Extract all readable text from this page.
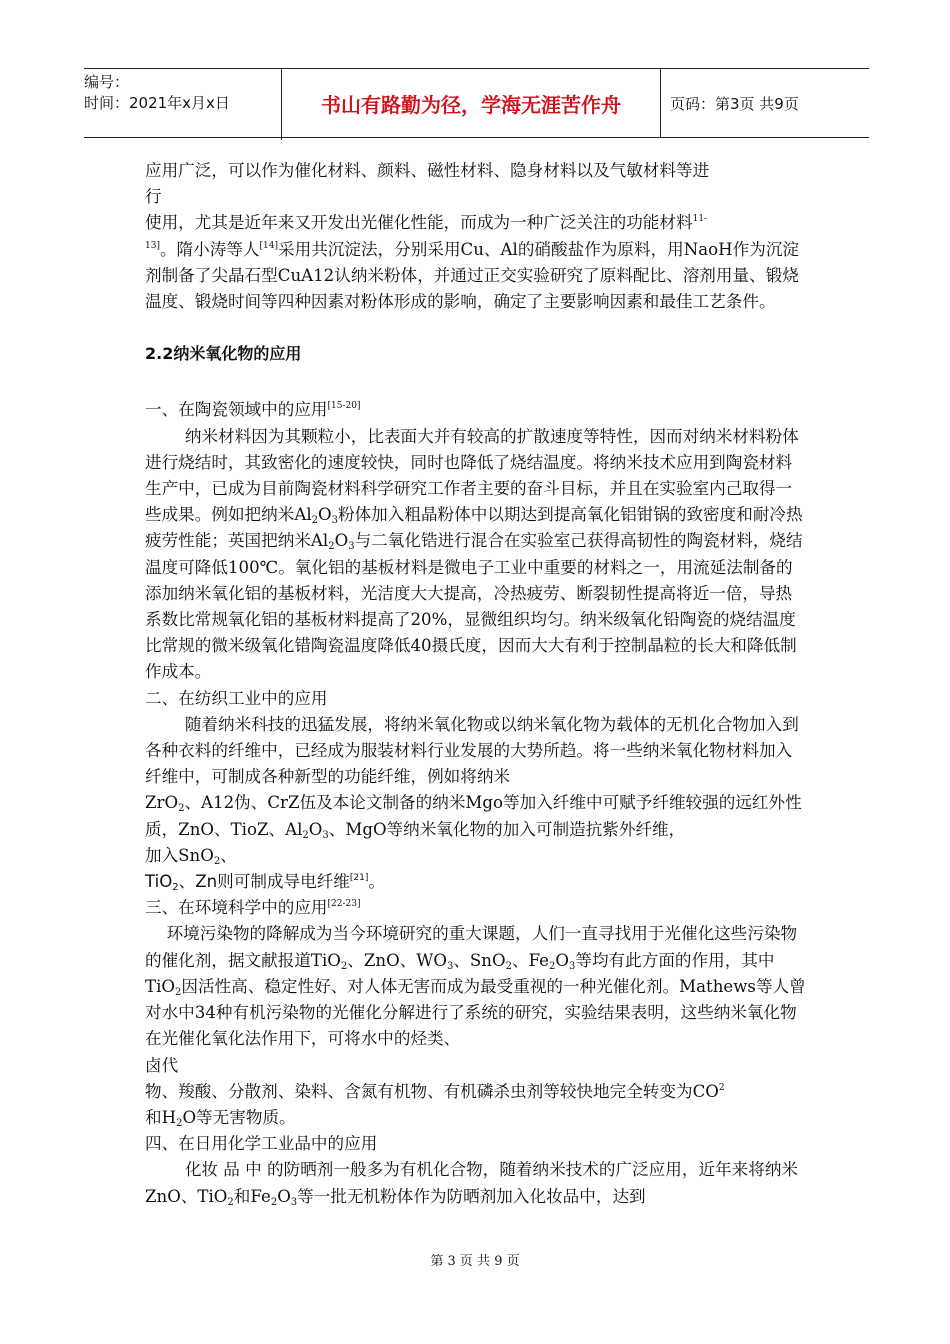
编号：
时间：2021年x月x日	书山有路勤为径，学海无涯苦作舟	页码：第3页 共9页

应用广泛，可以作为催化材料、颜料、磁性材料、隐身材料以及气敏材料等进
行

使用，尤其是近年来又开发出光催化性能，而成为一种广泛关注的功能材料$^{11-}$
$^{13]}$。隋小涛等人[14]采用共沉淀法，分别采用Cu、Al的硝酸盐作为原料，用NaoH作为沉淀剂制备了尖晶石型CuA12认纳米粉体，并通过正交实验研究了原料配比、溶剂用量、锻烧温度、锻烧时间等四种因素对粉体形成的影响，确定了主要影响因素和最佳工艺条件。

2.2纳米氧化物的应用

一、在陶瓷领域中的应用[15-20]

纳米材料因为其颗粒小，比表面大并有较高的扩散速度等特性，因而对纳米材料粉体进行烧结时，其致密化的速度较快，同时也降低了烧结温度。将纳米技术应用到陶瓷材料生产中，已成为目前陶瓷材料科学研究工作者主要的奋斗目标，并且在实验室内己取得一些成果。例如把纳米$Al_2O_3$粉体加入粗晶粉体中以期达到提高氧化铝钳锅的致密度和耐冷热疲劳性能；英国把纳米$Al_2O_3$与二氧化锆进行混合在实验室己获得高韧性的陶瓷材料，烧结温度可降低100℃。氧化铝的基板材料是微电子工业中重要的材料之一，用流延法制备的添加纳米氧化铝的基板材料，光洁度大大提高，冷热疲劳、断裂韧性提高将近一倍，导热系数比常规氧化铝的基板材料提高了20%，显微组织均匀。纳米级氧化铅陶瓷的烧结温度比常规的微米级氧化错陶瓷温度降低40摄氏度，因而大大有利于控制晶粒的长大和降低制作成本。

二、在纺织工业中的应用

随着纳米科技的迅猛发展，将纳米氧化物或以纳米氧化物为载体的无机化合物加入到各种衣料的纤维中，已经成为服装材料行业发展的大势所趋。将一些纳米氧化物材料加入纤维中，可制成各种新型的功能纤维，例如将纳米
ZrO$_2$、A12伪、CrZ伍及本论文制备的纳米Mgo等加入纤维中可赋予纤维较强的远红外性质，ZnO、TioZ、$Al_2O_3$、MgO等纳米氧化物的加入可制造抗紫外纤维，

加入SnO$_2$、

TiO$_2$、Zn则可制成导电纤维[21]。

三、在环境科学中的应用[22-23]

环境污染物的降解成为当今环境研究的重大课题，人们一直寻找用于光催化这些污染物的催化剂，据文献报道TiO$_2$、ZnO、$WO_3$、SnO$_2$、$Fe_2O_3$等均有此方面的作用，其中TiO$_2$因活性高、稳定性好、对人体无害而成为最受重视的一种光催化剂。Mathews等人曾对水中34种有机污染物的光催化分解进行了系统的研究，实验结果表明，这些纳米氧化物在光催化氧化法作用下，可将水中的烃类、
卤代

物、羧酸、分散剂、染料、含氮有机物、有机磷杀虫剂等较快地完全转变为$CO^2$
和$H_2O$等无害物质。

四、在日用化学工业品中的应用

化妆 品 中 的防晒剂一般多为有机化合物，随着纳米技术的广泛应用，近年来将纳米ZnO、TiO$_2$和$Fe_2O_3$等一批无机粉体作为防晒剂加入化妆品中，达到

第 3 页 共 9 页
